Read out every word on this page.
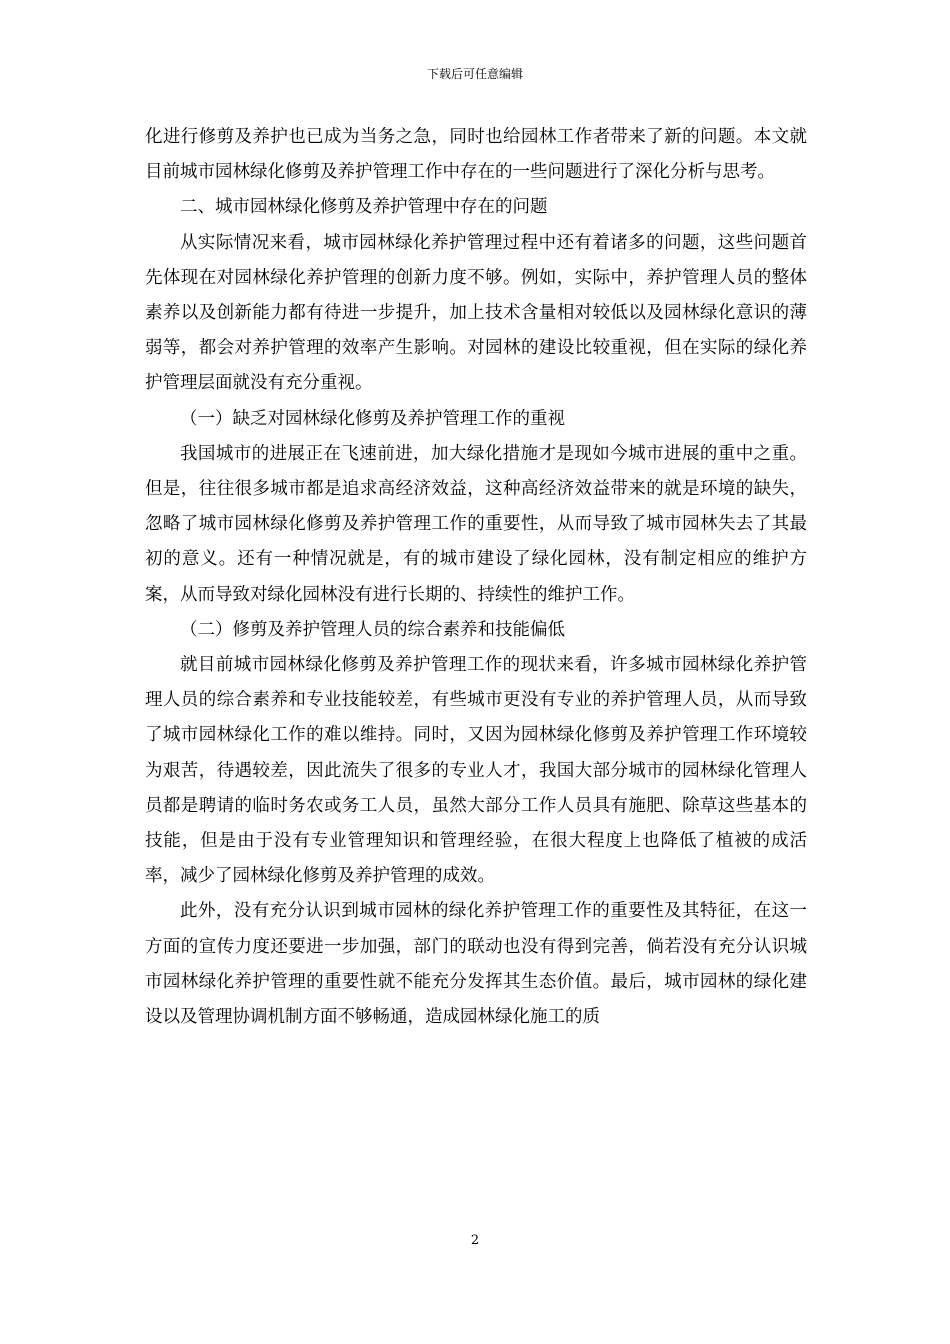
下载后可任意编辑

化进行修剪及养护也已成为当务之急，同时也给园林工作者带来了新的问题。本文就目前城市园林绿化修剪及养护管理工作中存在的一些问题进行了深化分析与思考。

二、城市园林绿化修剪及养护管理中存在的问题

从实际情况来看，城市园林绿化养护管理过程中还有着诸多的问题，这些问题首先体现在对园林绿化养护管理的创新力度不够。例如，实际中，养护管理人员的整体素养以及创新能力都有待进一步提升，加上技术含量相对较低以及园林绿化意识的薄弱等，都会对养护管理的效率产生影响。对园林的建设比较重视，但在实际的绿化养护管理层面就没有充分重视。

（一）缺乏对园林绿化修剪及养护管理工作的重视

我国城市的进展正在飞速前进，加大绿化措施才是现如今城市进展的重中之重。但是，往往很多城市都是追求高经济效益，这种高经济效益带来的就是环境的缺失，忽略了城市园林绿化修剪及养护管理工作的重要性，从而导致了城市园林失去了其最初的意义。还有一种情况就是，有的城市建设了绿化园林，没有制定相应的维护方案，从而导致对绿化园林没有进行长期的、持续性的维护工作。

（二）修剪及养护管理人员的综合素养和技能偏低

就目前城市园林绿化修剪及养护管理工作的现状来看，许多城市园林绿化养护管理人员的综合素养和专业技能较差，有些城市更没有专业的养护管理人员，从而导致了城市园林绿化工作的难以维持。同时，又因为园林绿化修剪及养护管理工作环境较为艰苦，待遇较差，因此流失了很多的专业人才，我国大部分城市的园林绿化管理人员都是聘请的临时务农或务工人员，虽然大部分工作人员具有施肥、除草这些基本的技能，但是由于没有专业管理知识和管理经验，在很大程度上也降低了植被的成活率，减少了园林绿化修剪及养护管理的成效。

此外，没有充分认识到城市园林的绿化养护管理工作的重要性及其特征，在这一方面的宣传力度还要进一步加强，部门的联动也没有得到完善，倘若没有充分认识城市园林绿化养护管理的重要性就不能充分发挥其生态价值。最后，城市园林的绿化建设以及管理协调机制方面不够畅通，造成园林绿化施工的质

2
